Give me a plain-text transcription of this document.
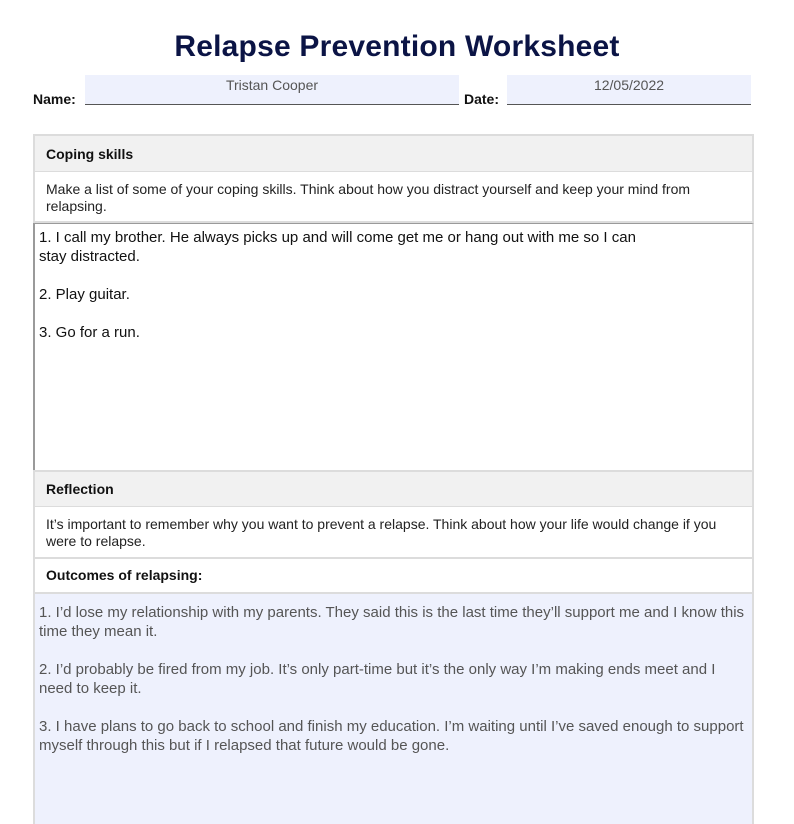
Relapse Prevention Worksheet
Name:
Tristan Cooper	Date:
12/05/2022
Coping skills
Make a list of some of your coping skills. Think about how you distract yourself and keep your mind from relapsing.
1. I call my brother. He always picks up and will come get me or hang out with me so I can stay distracted. 2. Play guitar. 3. Go for a run.
Reflection
It’s important to remember why you want to prevent a relapse. Think about how your life would change if you were to relapse.
Outcomes of relapsing:
1. I’d lose my relationship with my parents. They said this is the last time they’ll support me and I know this time they mean it. 2. I’d probably be fired from my job. It’s only part-time but it’s the only way I’m making ends meet and I need to keep it. 3. I have plans to go back to school and finish my education. I’m waiting until I’ve saved enough to support myself through this but if I relapsed that future would be gone.
